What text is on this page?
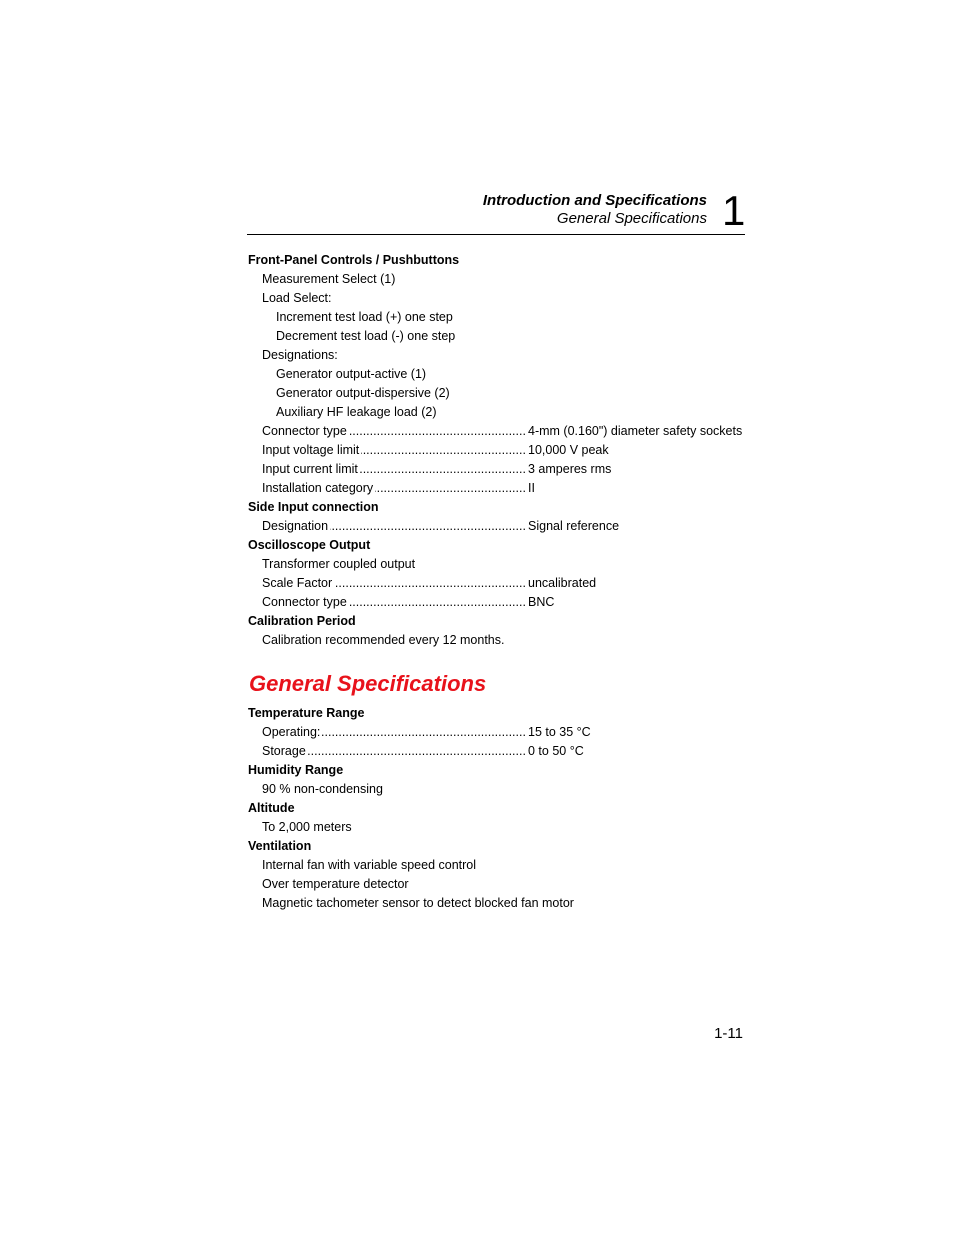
Introduction and Specifications
General Specifications 1
Front-Panel Controls / Pushbuttons
Measurement Select (1)
Load Select:
Increment test load (+) one step
Decrement test load (-) one step
Designations:
Generator output-active (1)
Generator output-dispersive (2)
Auxiliary HF leakage load (2)
Connector type .....	4-mm (0.160") diameter safety sockets
Input voltage limit .....	10,000 V peak
Input current limit .....	3 amperes rms
Installation category .....	II
Side Input connection
Designation .....	Signal reference
Oscilloscope Output
Transformer coupled output
Scale Factor .....	uncalibrated
Connector type .....	BNC
Calibration Period
Calibration recommended every 12 months.
General Specifications
Temperature Range
Operating: .....	15 to 35 °C
Storage .....	0 to 50 °C
Humidity Range
90 % non-condensing
Altitude
To 2,000 meters
Ventilation
Internal fan with variable speed control
Over temperature detector
Magnetic tachometer sensor to detect blocked fan motor
1-11
